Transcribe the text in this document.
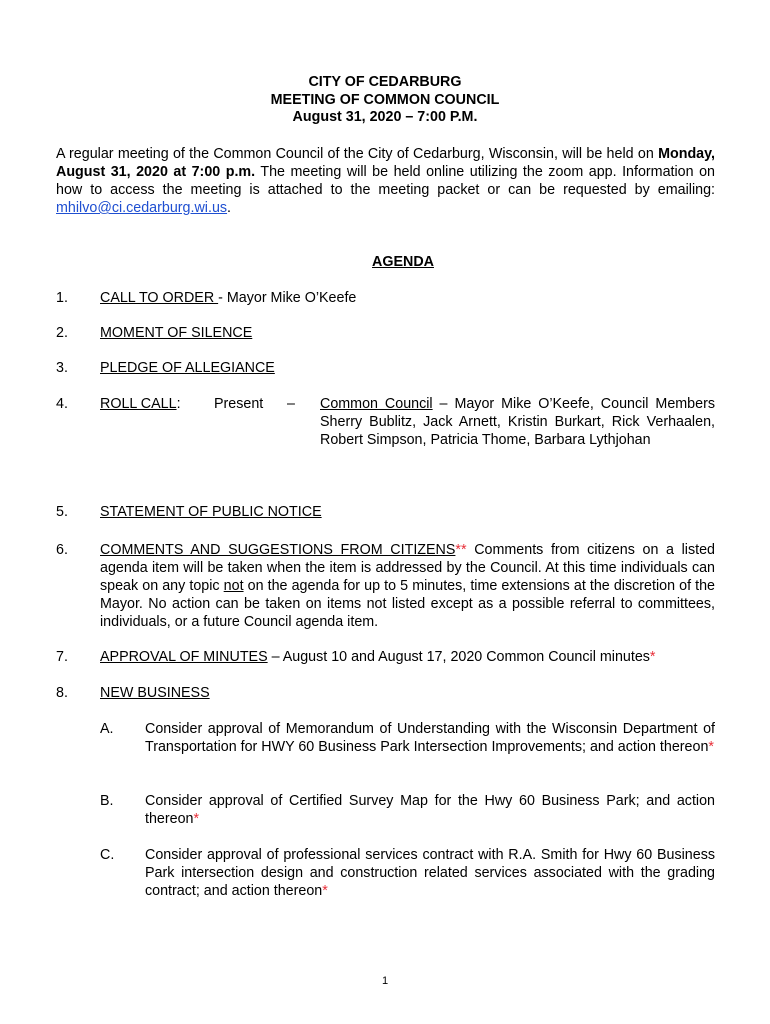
CITY OF CEDARBURG
MEETING OF COMMON COUNCIL
August 31, 2020 – 7:00 P.M.
A regular meeting of the Common Council of the City of Cedarburg, Wisconsin, will be held on Monday, August 31, 2020 at 7:00 p.m. The meeting will be held online utilizing the zoom app. Information on how to access the meeting is attached to the meeting packet or can be requested by emailing: mhilvo@ci.cedarburg.wi.us.
AGENDA
1. CALL TO ORDER - Mayor Mike O’Keefe
2. MOMENT OF SILENCE
3. PLEDGE OF ALLEGIANCE
4. ROLL CALL: Present – Common Council – Mayor Mike O’Keefe, Council Members Sherry Bublitz, Jack Arnett, Kristin Burkart, Rick Verhaalen, Robert Simpson, Patricia Thome, Barbara Lythjohan
5. STATEMENT OF PUBLIC NOTICE
6. COMMENTS AND SUGGESTIONS FROM CITIZENS** Comments from citizens on a listed agenda item will be taken when the item is addressed by the Council. At this time individuals can speak on any topic not on the agenda for up to 5 minutes, time extensions at the discretion of the Mayor. No action can be taken on items not listed except as a possible referral to committees, individuals, or a future Council agenda item.
7. APPROVAL OF MINUTES – August 10 and August 17, 2020 Common Council minutes*
8. NEW BUSINESS
A. Consider approval of Memorandum of Understanding with the Wisconsin Department of Transportation for HWY 60 Business Park Intersection Improvements; and action thereon*
B. Consider approval of Certified Survey Map for the Hwy 60 Business Park; and action thereon*
C. Consider approval of professional services contract with R.A. Smith for Hwy 60 Business Park intersection design and construction related services associated with the grading contract; and action thereon*
1
